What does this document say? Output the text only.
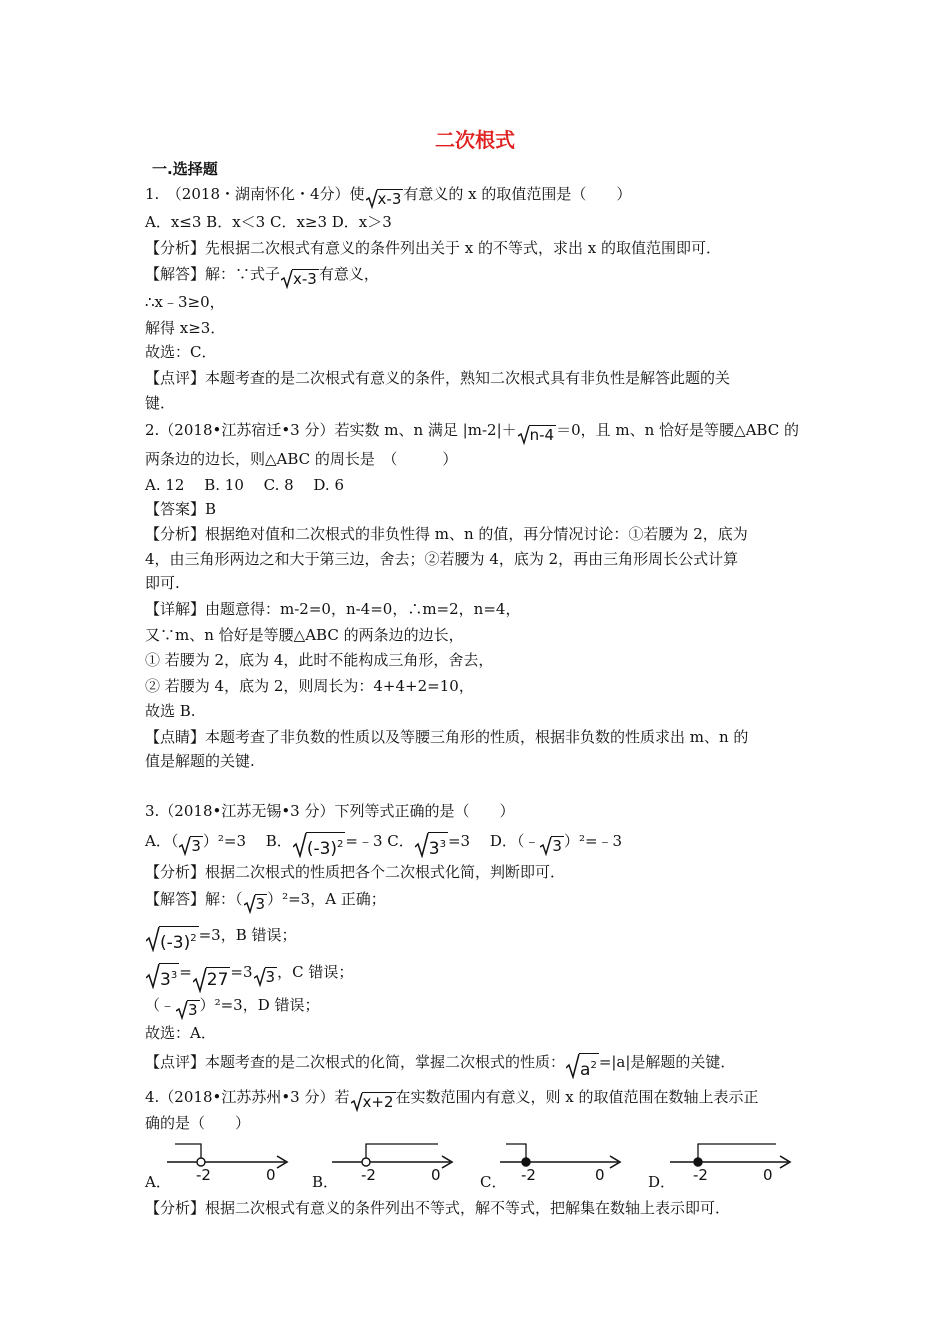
二次根式
一.选择题
1.　（2018・湖南怀化・4分）使 x-3 有意义的 x 的取值范围是（　　）
A．x≤3 B．x＜3 C．x≥3 D．x＞3
【分析】先根据二次根式有意义的条件列出关于 x 的不等式，求出 x 的取值范围即可．
【解答】解：∵式子 x-3 有意义，
∴x﹣3≥0，
解得 x≥3．
故选：C．
【点评】本题考查的是二次根式有意义的条件，熟知二次根式具有非负性是解答此题的关
键．
2.（2018•江苏宿迁•3 分）若实数 m、n 满足 |m-2|＋ n-4 ＝0，且 m、n 恰好是等腰△ABC 的
两条边的边长，则△ABC 的周长是　（　　　）
A. 12　 B. 10　 C. 8　 D. 6
【答案】B
【分析】根据绝对值和二次根式的非负性得 m、n 的值，再分情况讨论：①若腰为 2，底为
4，由三角形两边之和大于第三边，舍去；②若腰为 4，底为 2，再由三角形周长公式计算
即可.
【详解】由题意得：m-2=0，n-4=0，∴m=2，n=4，
又∵m、n 恰好是等腰△ABC 的两条边的边长，
① 若腰为 2，底为 4，此时不能构成三角形，舍去，
② 若腰为 4，底为 2，则周长为：4+4+2=10，
故选 B.
【点睛】本题考查了非负数的性质以及等腰三角形的性质，根据非负数的性质求出 m、n 的
值是解题的关键.
3.（2018•江苏无锡•3 分）下列等式正确的是（　　）
A．（ 3 ）²=3　 B． $(-3)^2$ =﹣3 C． $3^3 =3$　 D．（﹣ 3 ）²=﹣3
【分析】根据二次根式的性质把各个二次根式化简，判断即可．
【解答】解：（ 3 ）²=3，A 正确；
$(-3)^2 =3$，B 错误；
$3^3 = 27 =3$ 3 ，C 错误；
（﹣ 3 ）²=3，D 错误；
故选：A．
【点评】本题考查的是二次根式的化简，掌握二次根式的性质： $a^2 =|a|$是解题的关键．
4.（2018•江苏苏州•3 分）若 x+2 在实数范围内有意义，则 x 的取值范围在数轴上表示正
确的是（　　）
A． -2	0 B． -2	0	C． -2	0	D． -2	0
【分析】根据二次根式有意义的条件列出不等式，解不等式，把解集在数轴上表示即可．
